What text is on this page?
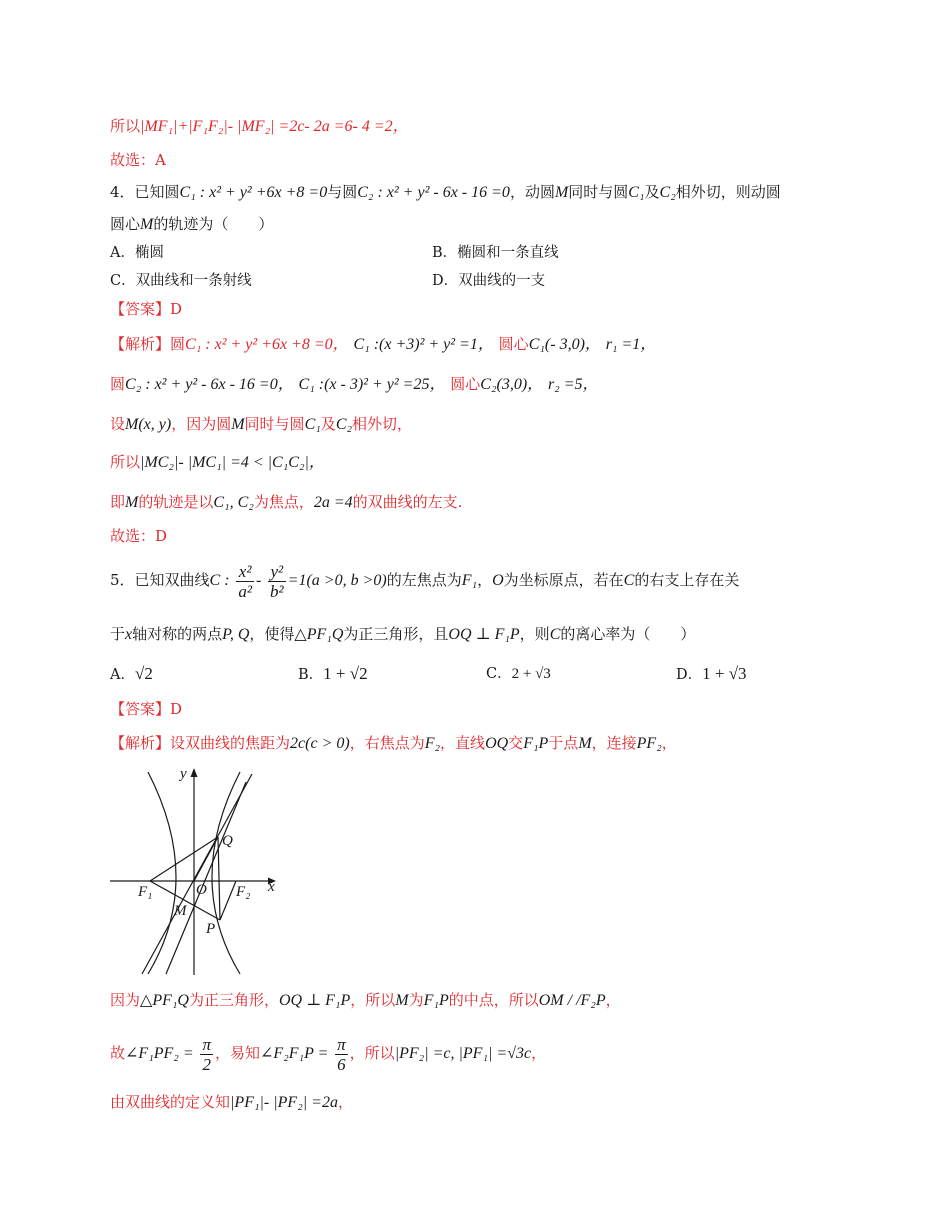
所以|MF₁|+|F₁F₂|- |MF₂| =2c- 2a =6- 4 =2，
故选：A
4．已知圆C₁ : x² + y² +6x +8 =0与圆C₂ : x² + y² - 6x - 16 =0，动圆M同时与圆C₁及C₂相外切，则动圆
圆心M的轨迹为（　　）
A．椭圆	B．椭圆和一条直线
C．双曲线和一条射线	D．双曲线的一支
【答案】D
【解析】圆C₁ : x² + y² +6x +8 =0， C₁ :(x +3)² + y² =1， 圆心C₁(- 3,0)， r₁ =1，
圆C₂ : x² + y² - 6x - 16 =0， C₁ :(x - 3)² + y² =25， 圆心C₂(3,0)， r₂ =5，
设M(x, y)，因为圆M同时与圆C₁及C₂相外切，
所以|MC₂|- |MC₁| =4 < |C₁C₂|，
即M的轨迹是以C₁, C₂为焦点，2a =4的双曲线的左支.
故选：D
5．已知双曲线C : $\frac{\text{x²}}{\text{a²}} - \frac{\text{y²}}{\text{b²}} =1(a >0$, b >0)的左焦点为F₁，O为坐标原点，若在C的右支上存在关
于x轴对称的两点P, Q，使得△PF₁Q为正三角形，且OQ ⊥ F₁P，则C的离心率为（　　）
A．√2	B．1 + √2	C．2 + √3	D．1 + √3
【答案】D
【解析】设双曲线的焦距为2c(c > 0)，右焦点为F₂，直线OQ交F₁P于点M，连接PF₂，
y
x
Q
O
F₁	F₂
M
P
因为△PF₁Q为正三角形，OQ ⊥ F₁P，所以M为F₁P的中点，所以OM / /F₂P，
故∠F₁PF₂ = $\frac{\pi}{2}$ ，易知∠F₂F₁P = $\frac{\pi}{6}$ ，所以|PF₂| =c, |PF₁| =√3c，
由双曲线的定义知|PF₁|- |PF₂| =2a，
